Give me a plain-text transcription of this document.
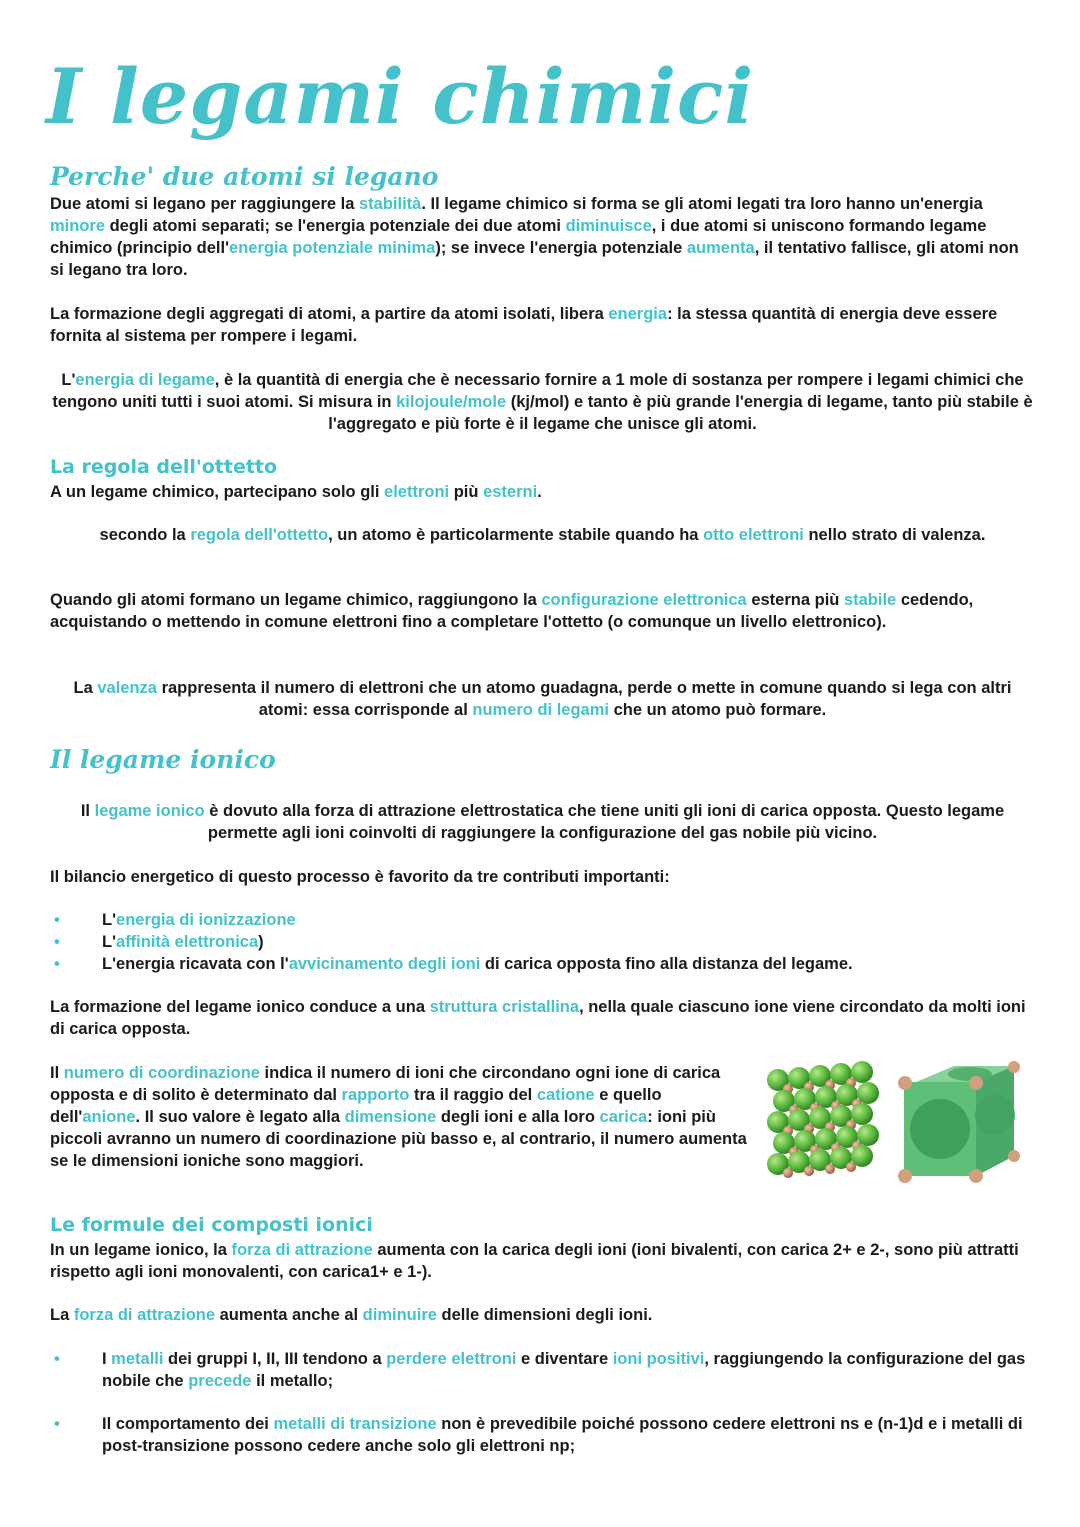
I legami chimici
Perche' due atomi si legano

Due atomi si legano per raggiungere la stabilità. Il legame chimico si forma se gli atomi legati tra loro hanno un'energia minore degli atomi separati; se l'energia potenziale dei due atomi diminuisce, i due atomi si uniscono formando legame chimico (principio dell'energia potenziale minima); se invece l'energia potenziale aumenta, il tentativo fallisce, gli atomi non si legano tra loro.

La formazione degli aggregati di atomi, a partire da atomi isolati, libera energia: la stessa quantità di energia deve essere fornita al sistema per rompere i legami.

L'energia di legame, è la quantità di energia che è necessario fornire a 1 mole di sostanza per rompere i legami chimici che tengono uniti tutti i suoi atomi. Si misura in kilojoule/mole (kj/mol) e tanto è più grande l'energia di legame, tanto più stabile è l'aggregato e più forte è il legame che unisce gli atomi.

La regola dell'ottetto

A un legame chimico, partecipano solo gli elettroni più esterni.

secondo la regola dell'ottetto, un atomo è particolarmente stabile quando ha otto elettroni nello strato di valenza.

Quando gli atomi formano un legame chimico, raggiungono la configurazione elettronica esterna più stabile cedendo, acquistando o mettendo in comune elettroni fino a completare l'ottetto (o comunque un livello elettronico).

La valenza rappresenta il numero di elettroni che un atomo guadagna, perde o mette in comune quando si lega con altri atomi: essa corrisponde al numero di legami che un atomo può formare.

Il legame ionico

Il legame ionico è dovuto alla forza di attrazione elettrostatica che tiene uniti gli ioni di carica opposta. Questo legame permette agli ioni coinvolti di raggiungere la configurazione del gas nobile più vicino.

Il bilancio energetico di questo processo è favorito da tre contributi importanti:

•	L'energia di ionizzazione
•	L'affinità elettronica)
•	L'energia ricavata con l'avvicinamento degli ioni di carica opposta fino alla distanza del legame.

La formazione del legame ionico conduce a una struttura cristallina, nella quale ciascuno ione viene circondato da molti ioni di carica opposta.

Il numero di coordinazione indica il numero di ioni che circondano ogni ione di carica opposta e di solito è determinato dal rapporto tra il raggio del catione e quello dell'anione. Il suo valore è legato alla dimensione degli ioni e alla loro carica: ioni più piccoli avranno un numero di coordinazione più basso e, al contrario, il numero aumenta se le dimensioni ioniche sono maggiori.

Le formule dei composti ionici

In un legame ionico, la forza di attrazione aumenta con la carica degli ioni (ioni bivalenti, con carica 2+ e 2-, sono più attratti rispetto agli ioni monovalenti, con carica1+ e 1-).

La forza di attrazione aumenta anche al diminuire delle dimensioni degli ioni.

•	I metalli dei gruppi I, II, III tendono a perdere elettroni e diventare ioni positivi, raggiungendo la configurazione del gas nobile che precede il metallo;
•	Il comportamento dei metalli di transizione non è prevedibile poiché possono cedere elettroni ns e (n-1)d e i metalli di post-transizione possono cedere anche solo gli elettroni np;
